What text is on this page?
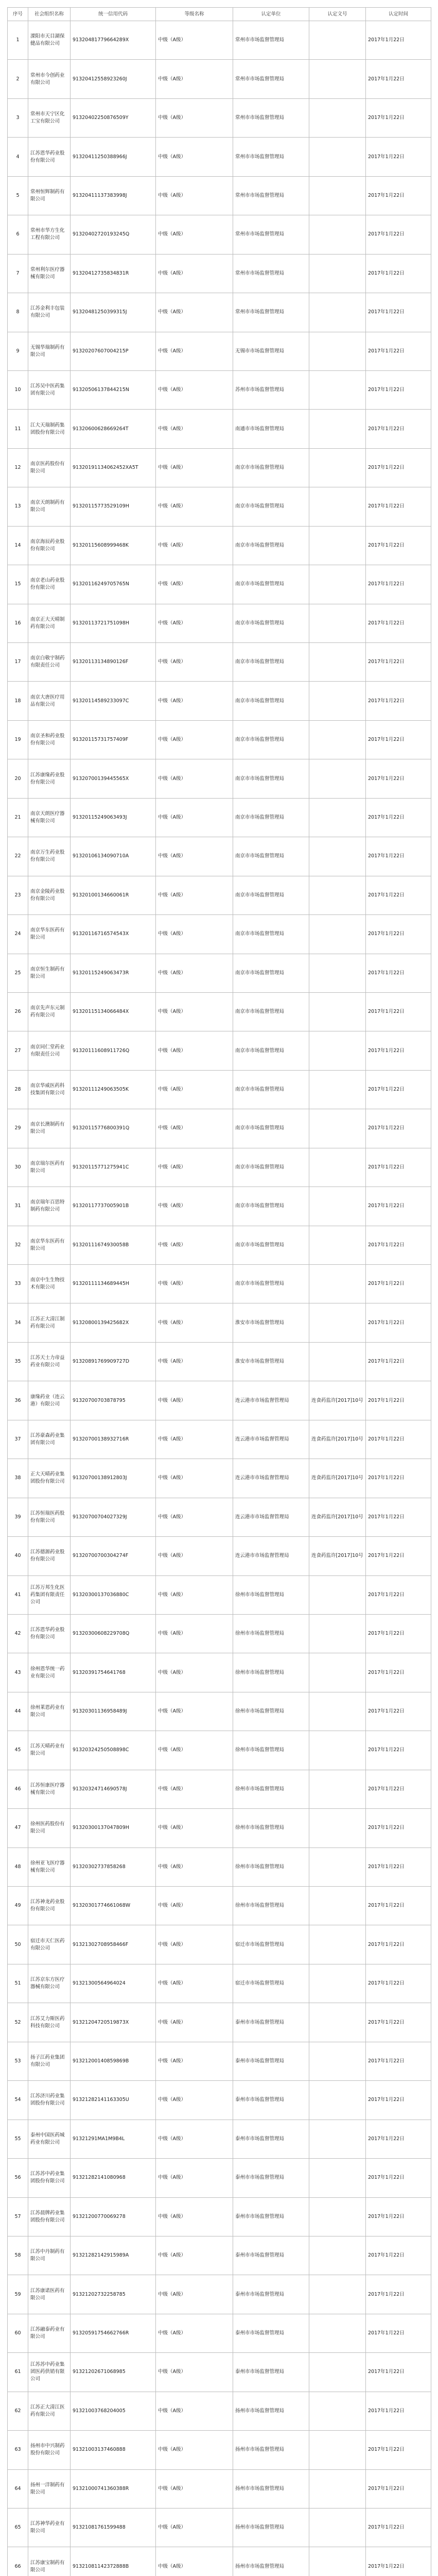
序号	社会组织名称	统一信用代码	等级名称	认定单位	认定文号	认定时间
1	溧阳市天目湖保健品有限公司	91320481779664289X	中级（A级）	常州市市场监督管理局		2017年1月22日
2	常州市今创药业有限公司	91320412558923260J	中级（A级）	常州市市场监督管理局		2017年1月22日
3	常州市天宁区化工宝有限公司	91320402250876509Y	中级（A级）	常州市市场监督管理局		2017年1月22日
4	江苏恩华药业股份有限公司	91320411250388966J	中级（A级）	常州市市场监督管理局		2017年1月22日
5	常州恒辉制药有限公司	91320411137383998J	中级（A级）	常州市市场监督管理局		2017年1月22日
6	常州市华方生化工程有限公司	91320402720193245Q	中级（A级）	常州市市场监督管理局		2017年1月22日
7	常州利尔医疗器械有限公司	91320412735834831R	中级（A级）	常州市市场监督管理局		2017年1月22日
8	江苏金利丰包装有限公司	91320481250399315J	中级（A级）	常州市市场监督管理局		2017年1月22日
9	无锡华瑞制药有限公司	91320207607004215P	中级（A级）	无锡市市场监督管理局		2017年1月22日
10	江苏吴中医药集团有限公司	91320506137844215N	中级（A级）	苏州市市场监督管理局		2017年1月22日
11	江大天瑞制药集团股份有限公司	91320600628669264T	中级（A级）	南通市市场监督管理局		2017年1月22日
12	南京医药股份有限公司	91320191134062452XA5T	中级（A级）	南京市市场监督管理局		2017年1月22日
13	南京天朗制药有限公司	91320115773529109H	中级（A级）	南京市市场监督管理局		2017年1月22日
14	南京海辰药业股份有限公司	91320115608999468K	中级（A级）	南京市市场监督管理局		2017年1月22日
15	南京老山药业股份有限公司	91320116249705765N	中级（A级）	南京市市场监督管理局		2017年1月22日
16	南京正大天晴制药有限公司	91320113721751098H	中级（A级）	南京市市场监督管理局		2017年1月22日
17	南京白敬宇制药有限责任公司	91320113134890126F	中级（A级）	南京市市场监督管理局		2017年1月22日
18	南京大唐医疗用品有限公司	91320114589233097C	中级（A级）	南京市市场监督管理局		2017年1月22日
19	南京圣和药业股份有限公司	91320115731757409F	中级（A级）	南京市市场监督管理局		2017年1月22日
20	江苏康缘药业股份有限公司	91320700139445565X	中级（A级）	南京市市场监督管理局		2017年1月22日
21	南京天朗医疗器械有限公司	91320115249063493J	中级（A级）	南京市市场监督管理局		2017年1月22日
22	南京万生药业股份有限公司	91320106134090710A	中级（A级）	南京市市场监督管理局		2017年1月22日
23	南京金陵药业股份有限公司	91320100134660061R	中级（A级）	南京市市场监督管理局		2017年1月22日
24	南京华东医药有限公司	91320116716574543X	中级（A级）	南京市市场监督管理局		2017年1月22日
25	南京恒生制药有限公司	91320115249063473R	中级（A级）	南京市市场监督管理局		2017年1月22日
26	南京先声东元制药有限公司	91320115134066484X	中级（A级）	南京市市场监督管理局		2017年1月22日
27	南京同仁堂药业有限责任公司	91320111608911726Q	中级（A级）	南京市市场监督管理局		2017年1月22日
28	南京华威医药科技集团有限公司	91320111249063505K	中级（A级）	南京市市场监督管理局		2017年1月22日
29	南京长澳制药有限公司	91320115776800391Q	中级（A级）	南京市市场监督管理局		2017年1月22日
30	南京瑞尔医药有限公司	91320115771275941C	中级（A级）	南京市市场监督管理局		2017年1月22日
31	南京瑞年百思特制药有限公司	91320117737005901B	中级（A级）	南京市市场监督管理局		2017年1月22日
32	南京华东医药有限公司	91320111674930058B	中级（A级）	南京市市场监督管理局		2017年1月22日
33	南京中生生物技术有限公司	91320111134689445H	中级（A级）	南京市市场监督管理局		2017年1月22日
34	江苏正大清江制药有限公司	91320800139425682X	中级（A级）	淮安市市场监督管理局		2017年1月22日
35	江苏天士力帝益药业有限公司	91320891769909727D	中级（A级）	淮安市市场监督管理局		2017年1月22日
36	康缘药业（连云港）有限公司	91320700703878795	中级（A级）	连云港市市场监督管理局	连食药监许[2017]10号	2017年1月22日
37	江苏豪森药业集团有限公司	91320700138932716R	中级（A级）	连云港市市场监督管理局	连食药监许[2017]10号	2017年1月22日
38	正大天晴药业集团股份有限公司	91320700138912803J	中级（A级）	连云港市市场监督管理局	连食药监许[2017]10号	2017年1月22日
39	江苏恒瑞医药股份有限公司	91320700704027329J	中级（A级）	连云港市市场监督管理局	连食药监许[2017]10号	2017年1月22日
40	江苏德源药业股份有限公司	91320700700304274F	中级（A级）	连云港市市场监督管理局	连食药监许[2017]10号	2017年1月22日
41	江苏万邦生化医药集团有限责任公司	91320300137036880C	中级（A级）	徐州市市场监督管理局		2017年1月22日
42	江苏恩华药业股份有限公司	91320300608229708Q	中级（A级）	徐州市市场监督管理局		2017年1月22日
43	徐州恩华统一药业有限公司	91320391754641768	中级（A级）	徐州市市场监督管理局		2017年1月22日
44	徐州莱恩药业有限公司	91320301136958489J	中级（A级）	徐州市市场监督管理局		2017年1月22日
45	江苏天晴药业有限公司	91320324250508898C	中级（A级）	徐州市市场监督管理局		2017年1月22日
46	江苏恒康医疗器械有限公司	91320324714690578J	中级（A级）	徐州市市场监督管理局		2017年1月22日
47	徐州医药股份有限公司	91320300137047809H	中级（A级）	徐州市市场监督管理局		2017年1月22日
48	徐州亚飞医疗器械有限公司	91320302737858268	中级（A级）	徐州市市场监督管理局		2017年1月22日
49	江苏神龙药业股份有限公司	91320301774661068W	中级（A级）	徐州市市场监督管理局		2017年1月22日
50	宿迁市天仁医药有限公司	91321302708958466F	中级（A级）	宿迁市市场监督管理局		2017年1月22日
51	江苏京东方医疗器械有限公司	91321300564964024	中级（A级）	宿迁市市场监督管理局		2017年1月22日
52	江苏艾力斯医药科技有限公司	91321204720519873X	中级（A级）	泰州市市场监督管理局		2017年1月22日
53	扬子江药业集团有限公司	91321200140859869B	中级（A级）	泰州市市场监督管理局		2017年1月22日
54	江苏济川药业集团股份有限公司	91321282141163305U	中级（A级）	泰州市市场监督管理局		2017年1月22日
55	泰州中国医药城药业有限公司	91321291MA1M9B4L	中级（A级）	泰州市市场监督管理局		2017年1月22日
56	江苏苏中药业集团股份有限公司	91321282141080968	中级（A级）	泰州市市场监督管理局		2017年1月22日
57	江苏晨牌药业集团股份有限公司	91321200770069278	中级（A级）	泰州市市场监督管理局		2017年1月22日
58	江苏中丹制药有限公司	91321282142915989A	中级（A级）	泰州市市场监督管理局		2017年1月22日
59	江苏康诺医药有限公司	91321202732258785	中级（A级）	泰州市市场监督管理局		2017年1月22日
60	江苏融泰药业有限公司	91320591754662766R	中级（A级）	泰州市市场监督管理局		2017年1月22日
61	江苏苏中药业集团医药供销有限公司	91321202671068985	中级（A级）	泰州市市场监督管理局		2017年1月22日
62	江苏正大清江医药有限公司	91321003768204005	中级（A级）	扬州市市场监督管理局		2017年1月22日
63	扬州市中兴制药股份有限公司	91321003137460888	中级（A级）	扬州市市场监督管理局		2017年1月22日
64	扬州一洋制药有限公司	91321000741360388R	中级（A级）	扬州市市场监督管理局		2017年1月22日
65	江苏神华药业有限公司	91321081761599488	中级（A级）	扬州市市场监督管理局		2017年1月22日
66	江苏康宝制药有限公司	91321081142372888B	中级（A级）	扬州市市场监督管理局		2017年1月22日
